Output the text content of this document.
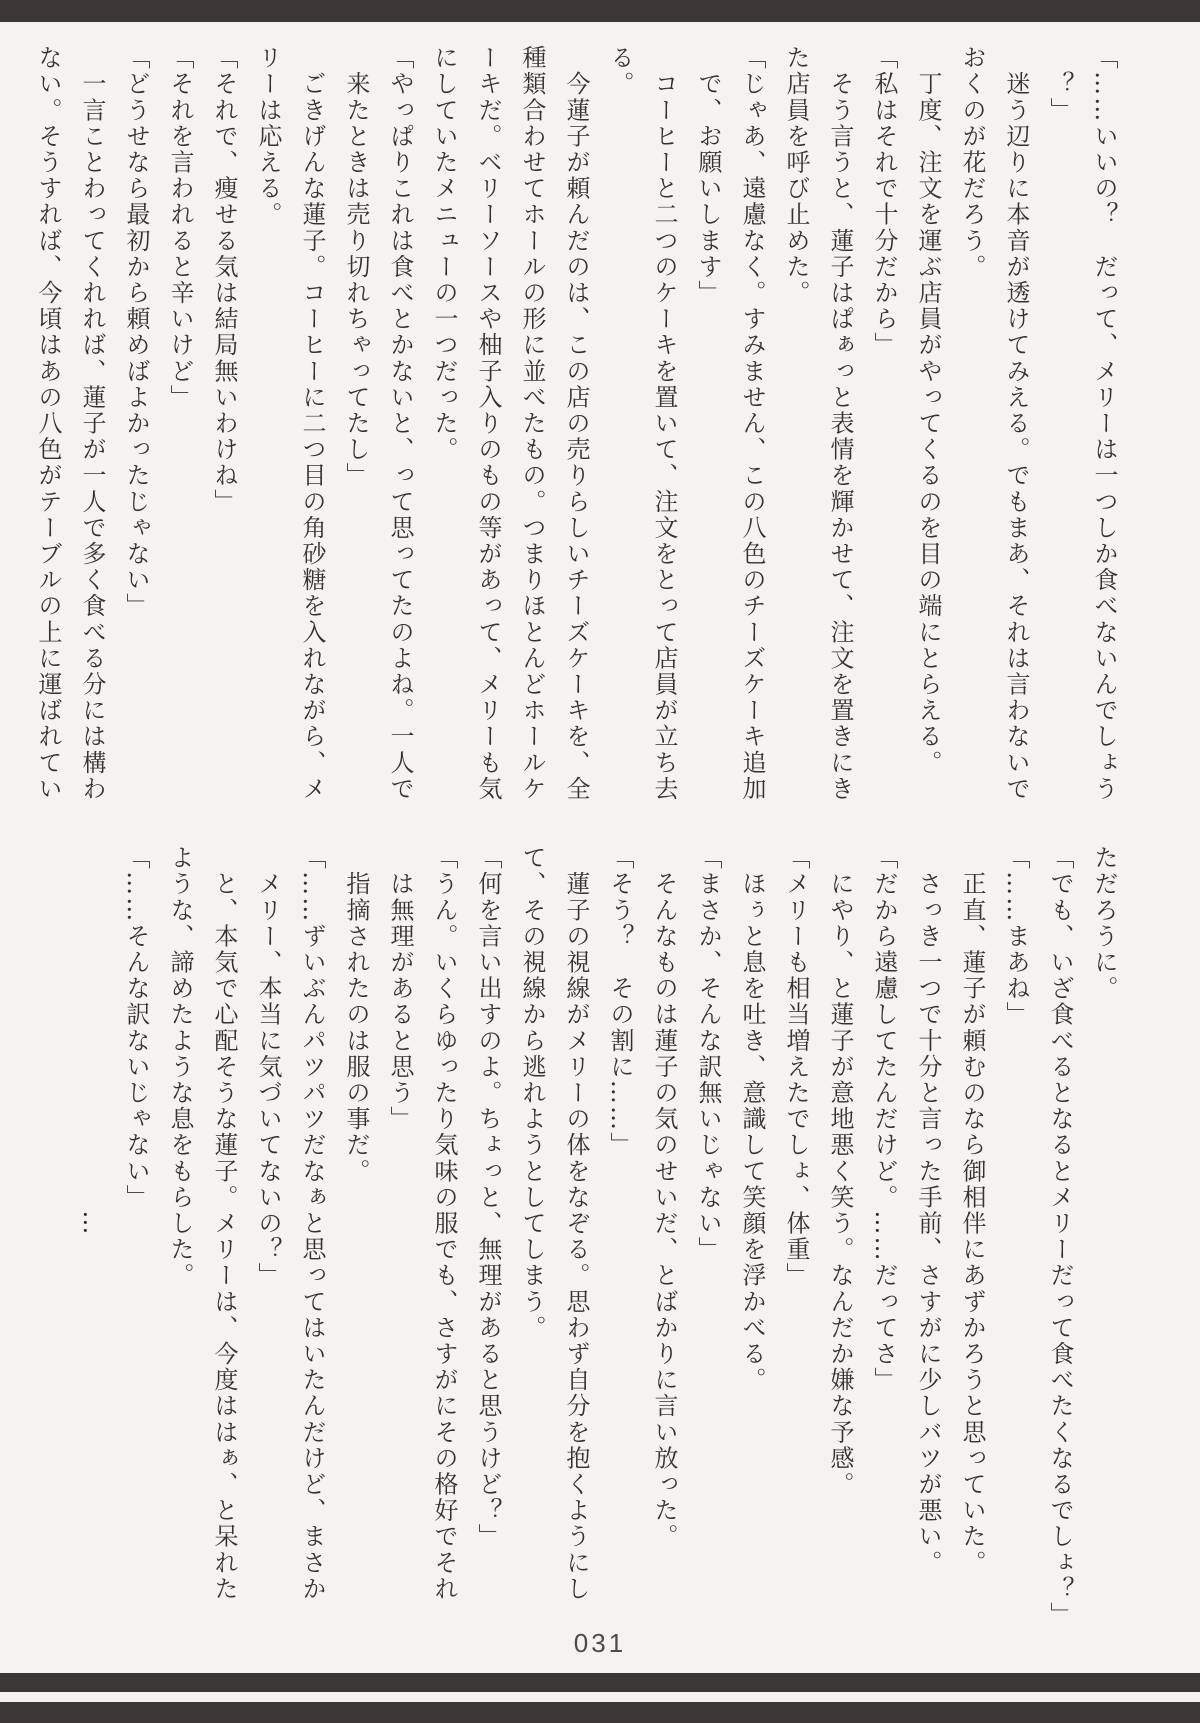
「……いいの？　だって、メリーは一つしか食べないんでしょう

　？」

　迷う辺りに本音が透けてみえる。でもまあ、それは言わないで

おくのが花だろう。

　丁度、注文を運ぶ店員がやってくるのを目の端にとらえる。

「私はそれで十分だから」

　そう言うと、蓮子はぱぁっと表情を輝かせて、注文を置きにき

た店員を呼び止めた。

「じゃあ、遠慮なく。すみません、この八色のチーズケーキ追加

　で、お願いします」

　コーヒーと二つのケーキを置いて、注文をとって店員が立ち去

る。

　今蓮子が頼んだのは、この店の売りらしいチーズケーキを、全

種類合わせてホールの形に並べたもの。つまりほとんどホールケ

ーキだ。ベリーソースや柚子入りのもの等があって、メリーも気

にしていたメニューの一つだった。

「やっぱりこれは食べとかないと、って思ってたのよね。一人で

　来たときは売り切れちゃってたし」

　ごきげんな蓮子。コーヒーに二つ目の角砂糖を入れながら、メ

リーは応える。

「それで、痩せる気は結局無いわけね」

「それを言われると辛いけど」

「どうせなら最初から頼めばよかったじゃない」

　一言ことわってくれれば、蓮子が一人で多く食べる分には構わ

ない。そうすれば、今頃はあの八色がテーブルの上に運ばれてい

ただろうに。

「でも、いざ食べるとなるとメリーだって食べたくなるでしょ？」

「……まあね」

　正直、蓮子が頼むのなら御相伴にあずかろうと思っていた。

　さっき一つで十分と言った手前、さすがに少しバツが悪い。

「だから遠慮してたんだけど。……だってさ」

　にやり、と蓮子が意地悪く笑う。なんだか嫌な予感。

「メリーも相当増えたでしょ、体重」

　ほぅと息を吐き、意識して笑顔を浮かべる。

「まさか、そんな訳無いじゃない」

　そんなものは蓮子の気のせいだ、とばかりに言い放った。

「そう？　その割に……」

　蓮子の視線がメリーの体をなぞる。思わず自分を抱くようにし

て、その視線から逃れようとしてしまう。

「何を言い出すのよ。ちょっと、無理があると思うけど？」

「うん。いくらゆったり気味の服でも、さすがにその格好でそれ

　は無理があると思う」

　指摘されたのは服の事だ。

「……ずいぶんパツパツだなぁと思ってはいたんだけど、まさか

　メリー、本当に気づいてないの？」

　と、本気で心配そうな蓮子。メリーは、今度ははぁ、と呆れた

ような、諦めたような息をもらした。

「……そんな訳ないじゃない」

　　　　　　　　　　　　　　…

031
